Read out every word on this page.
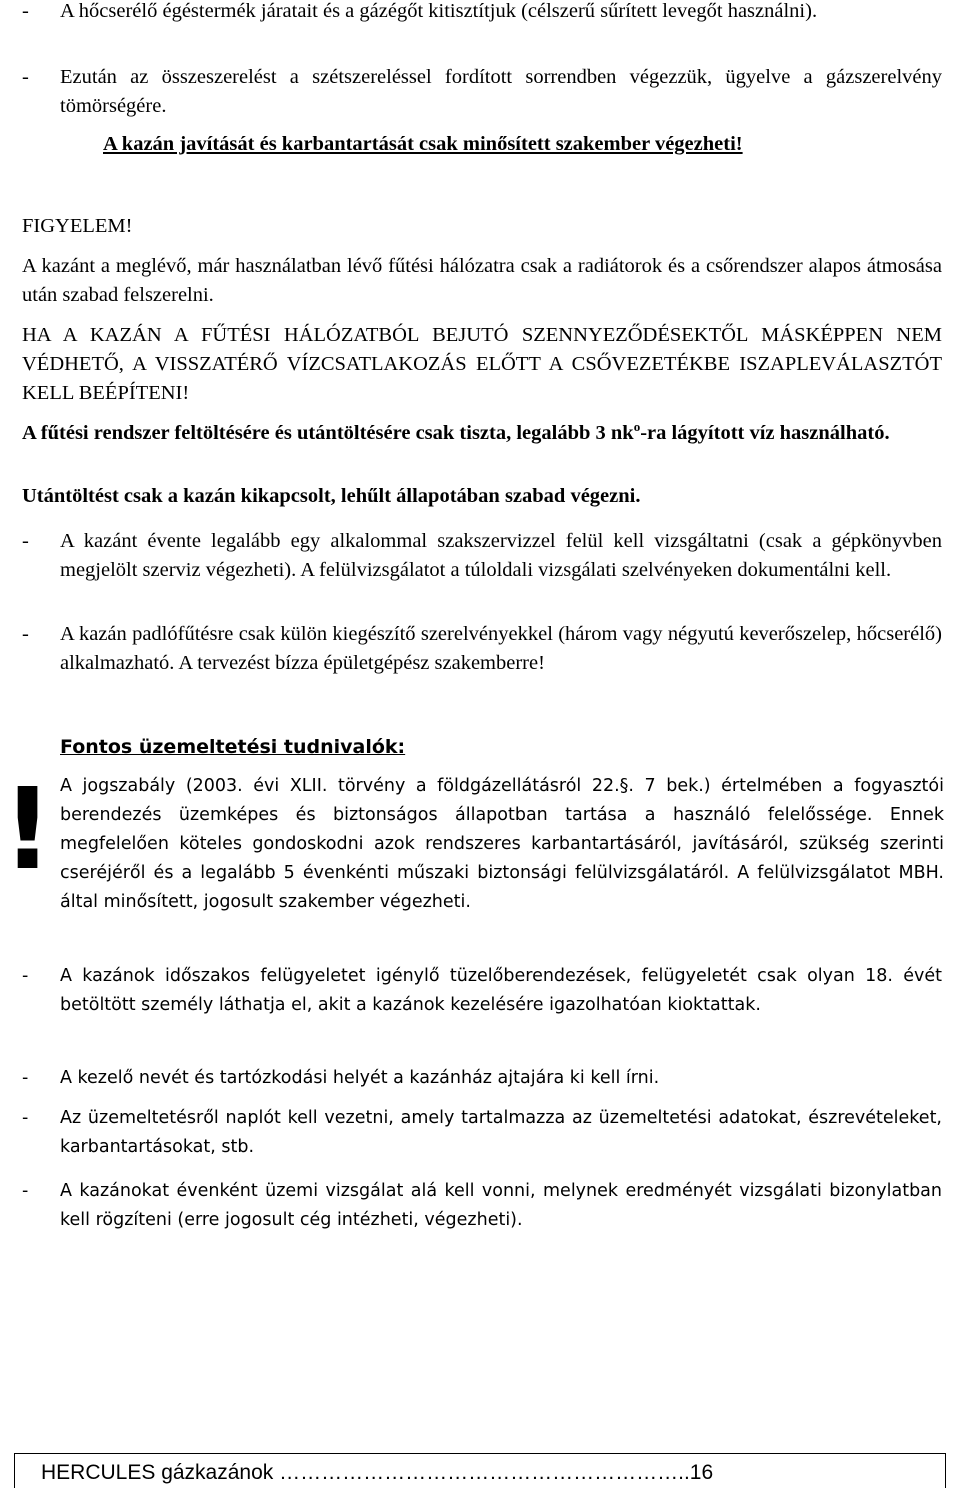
-	A hőcserélő égéstermék járatait és a gázégőt kitisztítjuk (célszerű sűrített levegőt használni).
-	Ezután az összeszerelést a szétszereléssel fordított sorrendben végezzük, ügyelve a gázszerelvény tömörségére.
A kazán javítását és karbantartását csak minősített szakember végezheti!
FIGYELEM!
A kazánt a meglévő, már használatban lévő fűtési hálózatra csak a radiátorok és a csőrendszer alapos átmosása után szabad felszerelni.
HA A KAZÁN A FŰTÉSI HÁLÓZATBÓL BEJUTÓ SZENNYEZŐDÉSEKTŐL MÁSKÉPPEN NEM VÉDHETŐ, A VISSZATÉRŐ VÍZCSATLAKOZÁS ELŐTT A CSŐVEZETÉKBE ISZAPLEVÁLASZTÓT KELL BEÉPÍTENI!
A fűtési rendszer feltöltésére és utántöltésére csak tiszta, legalább 3 $nk^o-ra$ lágyított víz használható.
Utántöltést csak a kazán kikapcsolt, lehűlt állapotában szabad végezni.
-	A kazánt évente legalább egy alkalommal szakszervizzel felül kell vizsgáltatni (csak a gépkönyvben megjelölt szerviz végezheti). A felülvizsgálatot a túloldali vizsgálati szelvényeken dokumentálni kell.
-	A kazán padlófűtésre csak külön kiegészítő szerelvényekkel (három vagy négyutú keverőszelep, hőcserélő) alkalmazható. A tervezést bízza épületgépész szakemberre!
!
Fontos üzemeltetési tudnivalók:
A jogszabály (2003. évi XLII. törvény a földgázellátásról 22.§. 7 bek.) értelmében a fogyasztói berendezés üzemképes és biztonságos állapotban tartása a használó felelőssége. Ennek megfelelően köteles gondoskodni azok rendszeres karbantartásáról, javításáról, szükség szerinti cseréjéről és a legalább 5 évenkénti műszaki biztonsági felülvizsgálatáról. A felülvizsgálatot MBH. által minősített, jogosult szakember végezheti.
-	A kazánok időszakos felügyeletet igénylő tüzelőberendezések, felügyeletét csak olyan 18. évét betöltött személy láthatja el, akit a kazánok kezelésére igazolhatóan kioktattak.
-	A kezelő nevét és tartózkodási helyét a kazánház ajtajára ki kell írni.
-	Az üzemeltetésről naplót kell vezetni, amely tartalmazza az üzemeltetési adatokat, észrevételeket, karbantartásokat, stb.
-	A kazánokat évenként üzemi vizsgálat alá kell vonni, melynek eredményét vizsgálati bizonylatban kell rögzíteni (erre jogosult cég intézheti, végezheti).
HERCULES gázkazánok …………………………………………………..16
